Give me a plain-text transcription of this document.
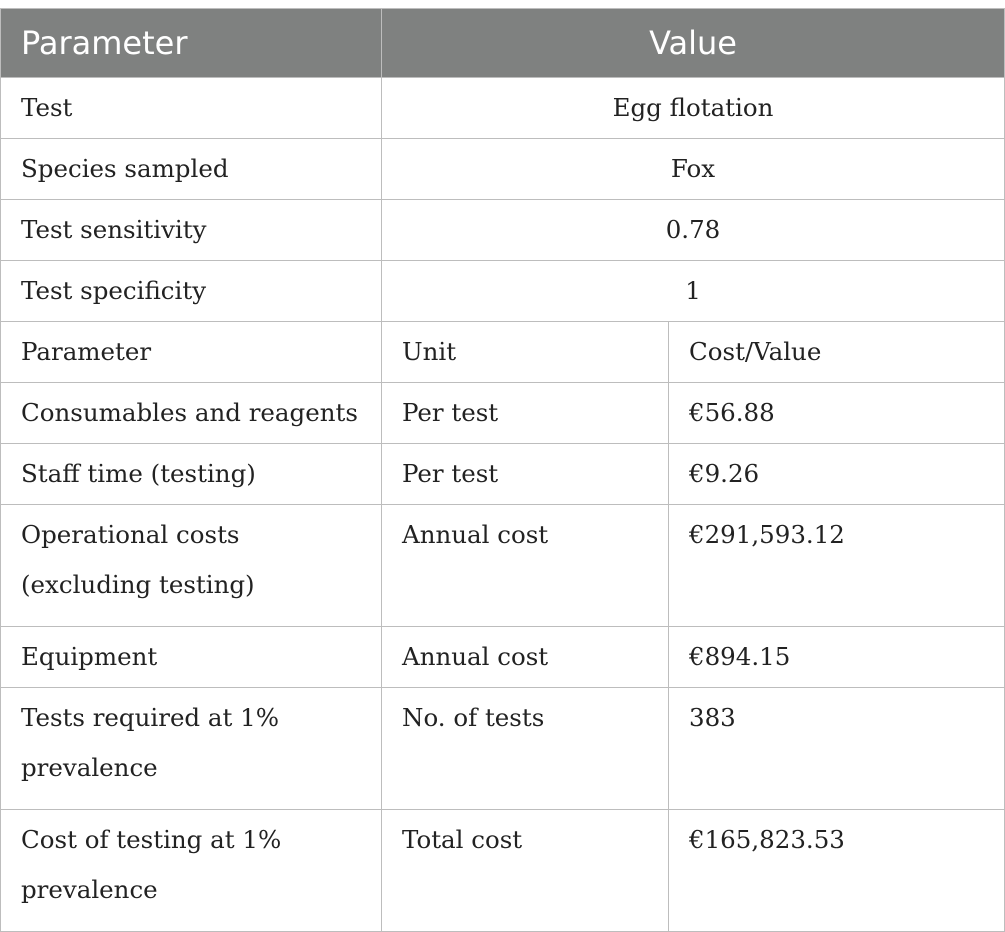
Parameter	Value	
Test	Egg flotation	
Species sampled	Fox	
Test sensitivity	0.78	
Test specificity	1	
Parameter	Unit	Cost/Value
Consumables and reagents	Per test	€56.88
Staff time (testing)	Per test	€9.26
Operational costs (excluding testing)	Annual cost	€291,593.12
Equipment	Annual cost	€894.15
Tests required at 1% prevalence	No. of tests	383
Cost of testing at 1% prevalence	Total cost	€165,823.53
